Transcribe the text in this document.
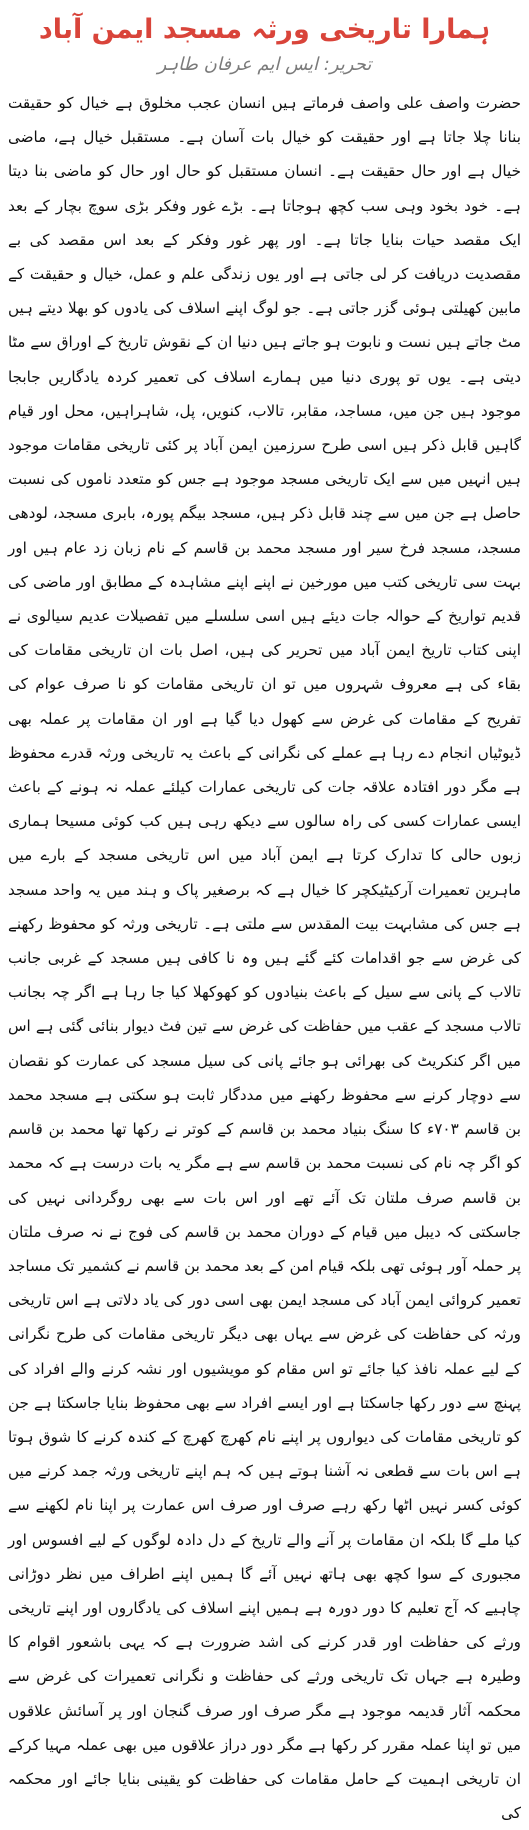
ہمارا تاریخی ورثہ مسجد ایمن آباد
تحریر: ایس ایم عرفان طاہر

حضرت واصف علی واصف فرماتے ہیں انسان عجب مخلوق ہے خیال کو حقیقت بنانا چلا جاتا ہے اور حقیقت کو خیال بات آسان ہے۔ مستقبل خیال ہے، ماضی خیال ہے اور حال حقیقت ہے۔ انسان مستقبل کو حال اور حال کو ماضی بنا دیتا ہے۔ خود بخود وہی سب کچھ ہوجاتا ہے۔ بڑے غور وفکر بڑی سوچ بچار کے بعد ایک مقصد حیات بنایا جاتا ہے۔ اور پھر غور وفکر کے بعد اس مقصد کی بے مقصدیت دریافت کر لی جاتی ہے اور یوں زندگی علم و عمل، خیال و حقیقت کے مابین کھیلتی ہوئی گزر جاتی ہے۔ جو لوگ اپنے اسلاف کی یادوں کو بھلا دیتے ہیں مٹ جاتے ہیں نست و نابوت ہو جاتے ہیں دنیا ان کے نقوش تاریخ کے اوراق سے مٹا دیتی ہے۔ یوں تو پوری دنیا میں ہمارے اسلاف کی تعمیر کردہ یادگاریں جابجا موجود ہیں جن میں، مساجد، مقابر، تالاب، کنویں، پل، شاہراہیں، محل اور قیام گاہیں قابل ذکر ہیں اسی طرح سرزمین ایمن آباد پر کئی تاریخی مقامات موجود ہیں انہیں میں سے ایک تاریخی مسجد موجود ہے جس کو متعدد ناموں کی نسبت حاصل ہے جن میں سے چند قابل ذکر ہیں، مسجد بیگم پورہ، بابری مسجد، لودھی مسجد، مسجد فرخ سیر اور مسجد محمد بن قاسم کے نام زبان زد عام ہیں اور بہت سی تاریخی کتب میں مورخین نے اپنے اپنے مشاہدہ کے مطابق اور ماضی کی قدیم تواریخ کے حوالہ جات دیئے ہیں اسی سلسلے میں تفصیلات عدیم سیالوی نے اپنی کتاب تاریخ ایمن آباد میں تحریر کی ہیں، اصل بات ان تاریخی مقامات کی بقاء کی ہے معروف شہروں میں تو ان تاریخی مقامات کو نا صرف عوام کی تفریح کے مقامات کی غرض سے کھول دیا گیا ہے اور ان مقامات پر عملہ بھی ڈیوٹیاں انجام دے رہا ہے عملے کی نگرانی کے باعث یہ تاریخی ورثہ قدرے محفوظ ہے مگر دور افتادہ علاقہ جات کی تاریخی عمارات کیلئے عملہ نہ ہونے کے باعث ایسی عمارات کسی کی راہ سالوں سے دیکھ رہی ہیں کب کوئی مسیحا ہماری زبوں حالی کا تدارک کرتا ہے ایمن آباد میں اس تاریخی مسجد کے بارے میں ماہرین تعمیرات آرکیٹیکچر کا خیال ہے کہ برصغیر پاک و ہند میں یہ واحد مسجد ہے جس کی مشابہت بیت المقدس سے ملتی ہے۔ تاریخی ورثہ کو محفوظ رکھنے کی غرض سے جو اقدامات کئے گئے ہیں وہ نا کافی ہیں مسجد کے غربی جانب تالاب کے پانی سے سیل کے باعث بنیادوں کو کھوکھلا کیا جا رہا ہے اگر چہ بجانب تالاب مسجد کے عقب میں حفاظت کی غرض سے تین فٹ دیوار بنائی گئی ہے اس میں اگر کنکریٹ کی بھرائی ہو جائے پانی کی سیل مسجد کی عمارت کو نقصان سے دوچار کرنے سے محفوظ رکھنے میں مددگار ثابت ہو سکتی ہے مسجد محمد بن قاسم ۷۰۳ء کا سنگ بنیاد محمد بن قاسم کے کوتر نے رکھا تھا محمد بن قاسم کو اگر چہ نام کی نسبت محمد بن قاسم سے ہے مگر یہ بات درست ہے کہ محمد بن قاسم صرف ملتان تک آئے تھے اور اس بات سے بھی روگردانی نہیں کی جاسکتی کہ دیبل میں قیام کے دوران محمد بن قاسم کی فوج نے نہ صرف ملتان پر حملہ آور ہوئی تھی بلکہ قیام امن کے بعد محمد بن قاسم نے کشمیر تک مساجد تعمیر کروائی ایمن آباد کی مسجد ایمن بھی اسی دور کی یاد دلاتی ہے اس تاریخی ورثہ کی حفاظت کی غرض سے یہاں بھی دیگر تاریخی مقامات کی طرح نگرانی کے لیے عملہ نافذ کیا جائے تو اس مقام کو مویشیوں اور نشہ کرنے والے افراد کی پہنچ سے دور رکھا جاسکتا ہے اور ایسے افراد سے بھی محفوظ بنایا جاسکتا ہے جن کو تاریخی مقامات کی دیواروں پر اپنے نام کھرچ کھرچ کے کندہ کرنے کا شوق ہوتا ہے اس بات سے قطعی نہ آشنا ہوتے ہیں کہ ہم اپنے تاریخی ورثہ جمد کرنے میں کوئی کسر نہیں اٹھا رکھ رہے صرف اور صرف اس عمارت پر اپنا نام لکھنے سے کیا ملے گا بلکہ ان مقامات پر آنے والے تاریخ کے دل دادہ لوگوں کے لیے افسوس اور مجبوری کے سوا کچھ بھی ہاتھ نہیں آئے گا ہمیں اپنے اطراف میں نظر دوڑانی چاہیے کہ آج تعلیم کا دور دورہ ہے ہمیں اپنے اسلاف کی یادگاروں اور اپنے تاریخی ورثے کی حفاظت اور قدر کرنے کی اشد ضرورت ہے کہ یہی باشعور اقوام کا وطیرہ ہے جہاں تک تاریخی ورثے کی حفاظت و نگرانی تعمیرات کی غرض سے محکمہ آثار قدیمہ موجود ہے مگر صرف اور صرف گنجان اور پر آسائش علاقوں میں تو اپنا عملہ مقرر کر رکھا ہے مگر دور دراز علاقوں میں بھی عملہ مہیا کرکے ان تاریخی اہمیت کے حامل مقامات کی حفاظت کو یقینی بنایا جائے اور محکمہ کی
